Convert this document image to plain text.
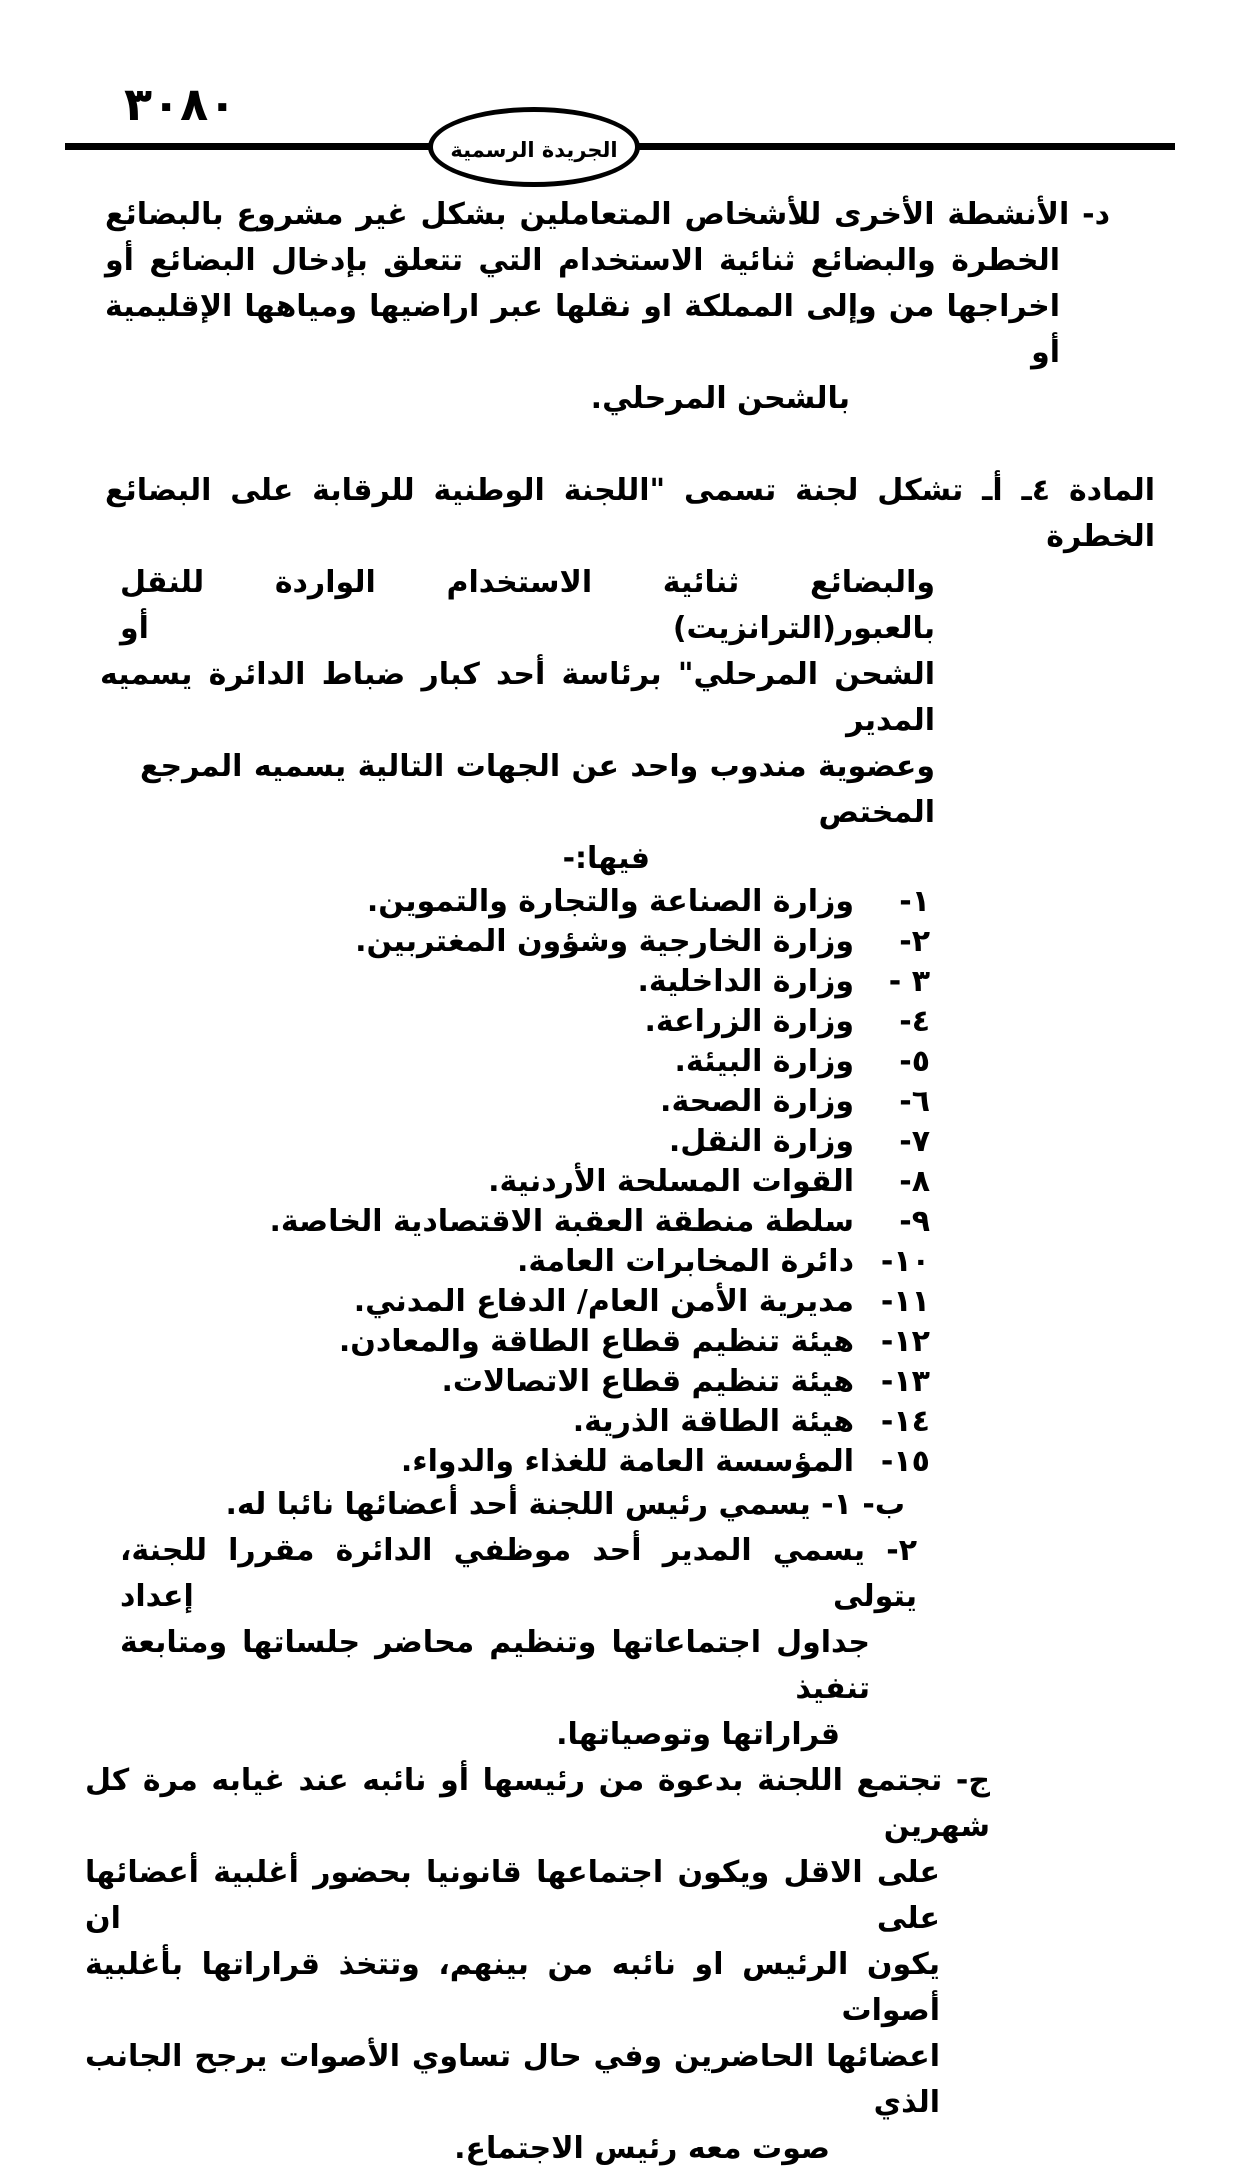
٣٠٨٠
الجريدة الرسمية
د- الأنشطة الأخرى للأشخاص المتعاملين بشكل غير مشروع بالبضائع
الخطرة والبضائع ثنائية الاستخدام التي تتعلق بإدخال البضائع أو
اخراجها من وإلى المملكة او نقلها عبر اراضيها ومياهها الإقليمية أو
بالشحن المرحلي.
المادة ٤ـ أـ تشكل لجنة تسمى "اللجنة الوطنية للرقابة على البضائع الخطرة
والبضائع ثنائية الاستخدام الواردة للنقل بالعبور(الترانزيت) أو
الشحن المرحلي" برئاسة أحد كبار ضباط الدائرة يسميه المدير
وعضوية مندوب واحد عن الجهات التالية يسميه المرجع المختص
فيها:-
١-
وزارة الصناعة والتجارة والتموين.
٢-
وزارة الخارجية وشؤون المغتربين.
٣ -
وزارة الداخلية.
٤-
وزارة الزراعة.
٥-
وزارة البيئة.
٦-
وزارة الصحة.
٧-
وزارة النقل.
٨-
القوات المسلحة الأردنية.
٩-
سلطة منطقة العقبة الاقتصادية الخاصة.
١٠-
دائرة المخابرات العامة.
١١-
مديرية الأمن العام/ الدفاع المدني.
١٢-
هيئة تنظيم قطاع الطاقة والمعادن.
١٣-
هيئة تنظيم قطاع الاتصالات.
١٤-
هيئة الطاقة الذرية.
١٥-
المؤسسة العامة للغذاء والدواء.
ب- ١- يسمي رئيس اللجنة أحد أعضائها نائبا له.
٢- يسمي المدير أحد موظفي الدائرة مقررا للجنة، يتولى إعداد
جداول اجتماعاتها وتنظيم محاضر جلساتها ومتابعة تنفيذ
قراراتها وتوصياتها.
ج- تجتمع اللجنة بدعوة من رئيسها أو نائبه عند غيابه مرة كل شهرين
على الاقل ويكون اجتماعها قانونيا بحضور أغلبية أعضائها على ان
يكون الرئيس او نائبه من بينهم، وتتخذ قراراتها بأغلبية أصوات
اعضائها الحاضرين وفي حال تساوي الأصوات يرجح الجانب الذي
صوت معه رئيس الاجتماع.
